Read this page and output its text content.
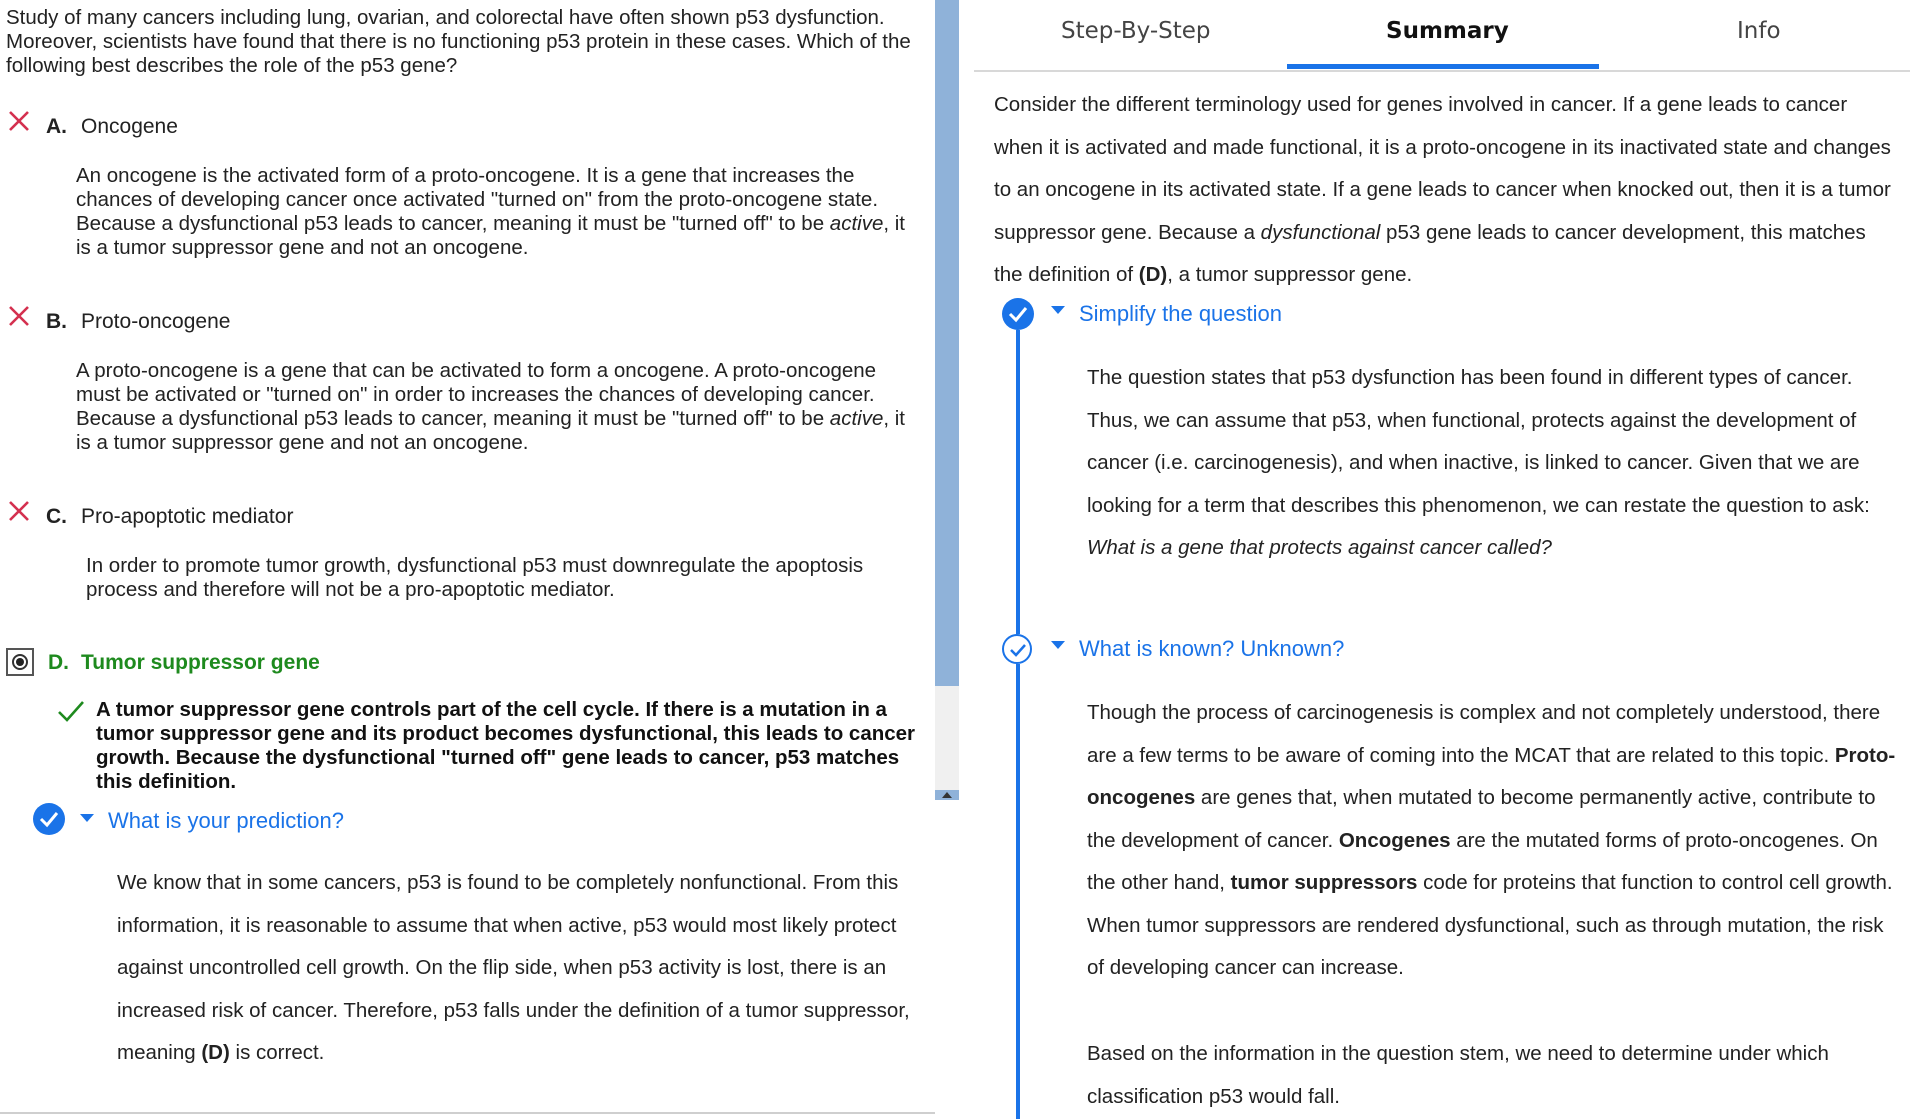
Study of many cancers including lung, ovarian, and colorectal have often shown p53 dysfunction. Moreover, scientists have found that there is no functioning p53 protein in these cases. Which of the following best describes the role of the p53 gene?
A. Oncogene
An oncogene is the activated form of a proto-oncogene. It is a gene that increases the chances of developing cancer once activated "turned on" from the proto-oncogene state. Because a dysfunctional p53 leads to cancer, meaning it must be "turned off" to be active, it is a tumor suppressor gene and not an oncogene.
B. Proto-oncogene
A proto-oncogene is a gene that can be activated to form a oncogene. A proto-oncogene must be activated or "turned on" in order to increases the chances of developing cancer. Because a dysfunctional p53 leads to cancer, meaning it must be "turned off" to be active, it is a tumor suppressor gene and not an oncogene.
C. Pro-apoptotic mediator
In order to promote tumor growth, dysfunctional p53 must downregulate the apoptosis process and therefore will not be a pro-apoptotic mediator.
D. Tumor suppressor gene
A tumor suppressor gene controls part of the cell cycle. If there is a mutation in a tumor suppressor gene and its product becomes dysfunctional, this leads to cancer growth. Because the dysfunctional "turned off" gene leads to cancer, p53 matches this definition.
What is your prediction?
We know that in some cancers, p53 is found to be completely nonfunctional. From this information, it is reasonable to assume that when active, p53 would most likely protect against uncontrolled cell growth. On the flip side, when p53 activity is lost, there is an increased risk of cancer. Therefore, p53 falls under the definition of a tumor suppressor, meaning (D) is correct.
Step-By-Step	Summary	Info
Consider the different terminology used for genes involved in cancer. If a gene leads to cancer when it is activated and made functional, it is a proto-oncogene in its inactivated state and changes to an oncogene in its activated state. If a gene leads to cancer when knocked out, then it is a tumor suppressor gene. Because a dysfunctional p53 gene leads to cancer development, this matches the definition of (D), a tumor suppressor gene.
Simplify the question
The question states that p53 dysfunction has been found in different types of cancer. Thus, we can assume that p53, when functional, protects against the development of cancer (i.e. carcinogenesis), and when inactive, is linked to cancer. Given that we are looking for a term that describes this phenomenon, we can restate the question to ask: What is a gene that protects against cancer called?
What is known? Unknown?
Though the process of carcinogenesis is complex and not completely understood, there are a few terms to be aware of coming into the MCAT that are related to this topic. Proto-oncogenes are genes that, when mutated to become permanently active, contribute to the development of cancer. Oncogenes are the mutated forms of proto-oncogenes. On the other hand, tumor suppressors code for proteins that function to control cell growth. When tumor suppressors are rendered dysfunctional, such as through mutation, the risk of developing cancer can increase.
Based on the information in the question stem, we need to determine under which classification p53 would fall.
